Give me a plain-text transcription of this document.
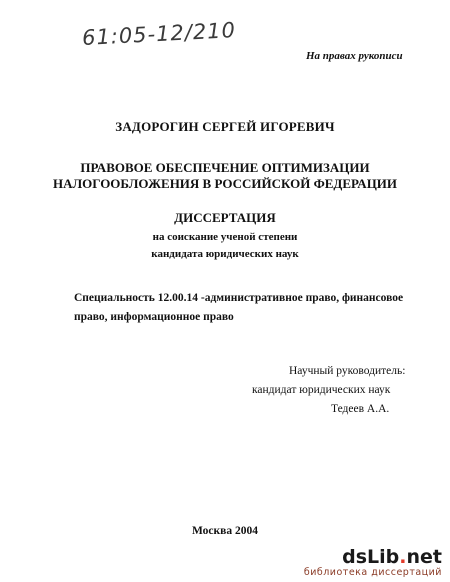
61:05-12/210
На правах рукописи
ЗАДОРОГИН СЕРГЕЙ ИГОРЕВИЧ
ПРАВОВОЕ ОБЕСПЕЧЕНИЕ ОПТИМИЗАЦИИ
НАЛОГООБЛОЖЕНИЯ В РОССИЙСКОЙ ФЕДЕРАЦИИ
ДИССЕРТАЦИЯ
на соискание ученой степени
кандидата юридических наук
Специальность 12.00.14 -административное право, финансовое
право, информационное право
Научный руководитель:
кандидат юридических наук
Тедеев А.А.
Москва 2004
dsLib.net
библиотека диссертаций
